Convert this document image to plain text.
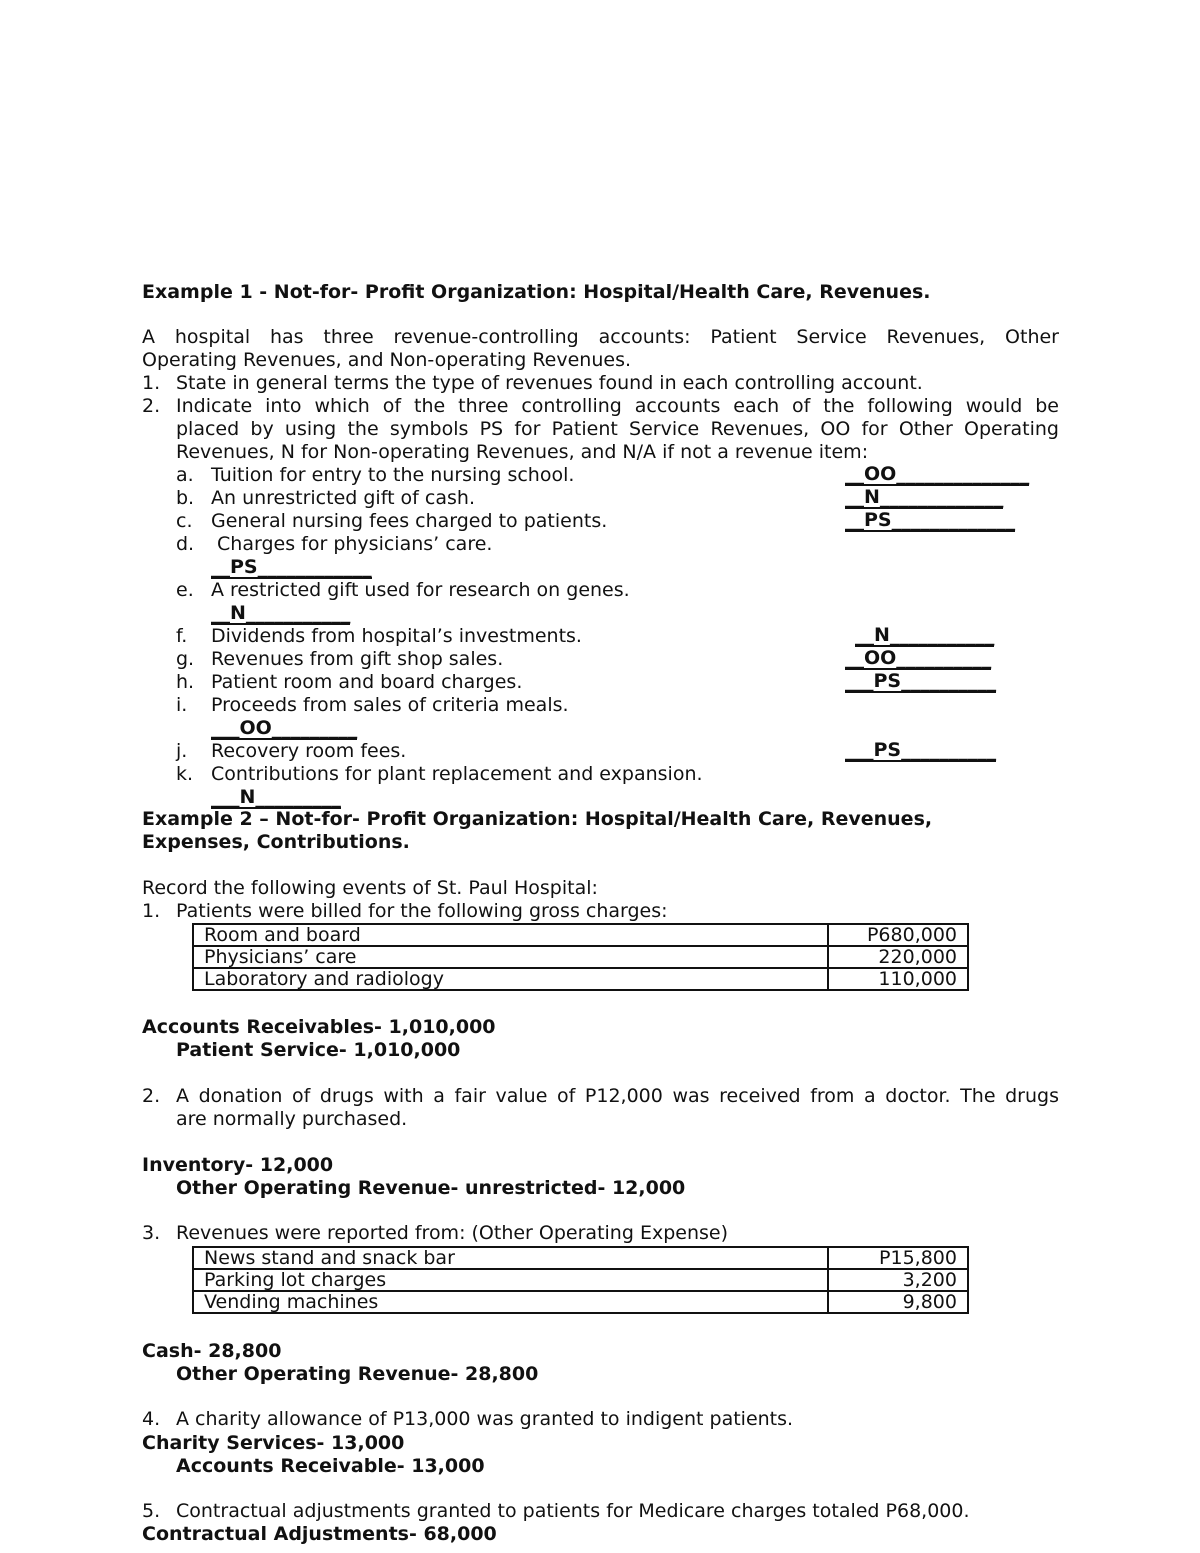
Example 1 - Not-for- Profit Organization: Hospital/Health Care, Revenues.
A hospital has three revenue-controlling accounts: Patient Service Revenues, Other
Operating Revenues, and Non-operating Revenues.
1. State in general terms the type of revenues found in each controlling account.
2. Indicate into which of the three controlling accounts each of the following would be
placed by using the symbols PS for Patient Service Revenues, OO for Other Operating
Revenues, N for Non-operating Revenues, and N/A if not a revenue item:
a. Tuition for entry to the nursing school.	__OO______________
b. An unrestricted gift of cash.	__N_____________
c. General nursing fees charged to patients.	__PS_____________
d. Charges for physicians’ care.
__PS____________
e. A restricted gift used for research on genes.
__N___________
f. Dividends from hospital’s investments.	__N___________
g. Revenues from gift shop sales.	__OO__________
h. Patient room and board charges.	___PS__________
i. Proceeds from sales of criteria meals.
___OO_________
j. Recovery room fees.	___PS__________
k. Contributions for plant replacement and expansion.
___N_________
Example 2 – Not-for- Profit Organization: Hospital/Health Care, Revenues,
Expenses, Contributions.
Record the following events of St. Paul Hospital:
1. Patients were billed for the following gross charges:
Room and board	P680,000
Physicians’ care	220,000
Laboratory and radiology	110,000
Accounts Receivables- 1,010,000
Patient Service- 1,010,000
2. A donation of drugs with a fair value of P12,000 was received from a doctor. The drugs
are normally purchased.
Inventory- 12,000
Other Operating Revenue- unrestricted- 12,000
3. Revenues were reported from: (Other Operating Expense)
News stand and snack bar	P15,800
Parking lot charges	3,200
Vending machines	9,800
Cash- 28,800
Other Operating Revenue- 28,800
4. A charity allowance of P13,000 was granted to indigent patients.
Charity Services- 13,000
Accounts Receivable- 13,000
5. Contractual adjustments granted to patients for Medicare charges totaled P68,000.
Contractual Adjustments- 68,000
